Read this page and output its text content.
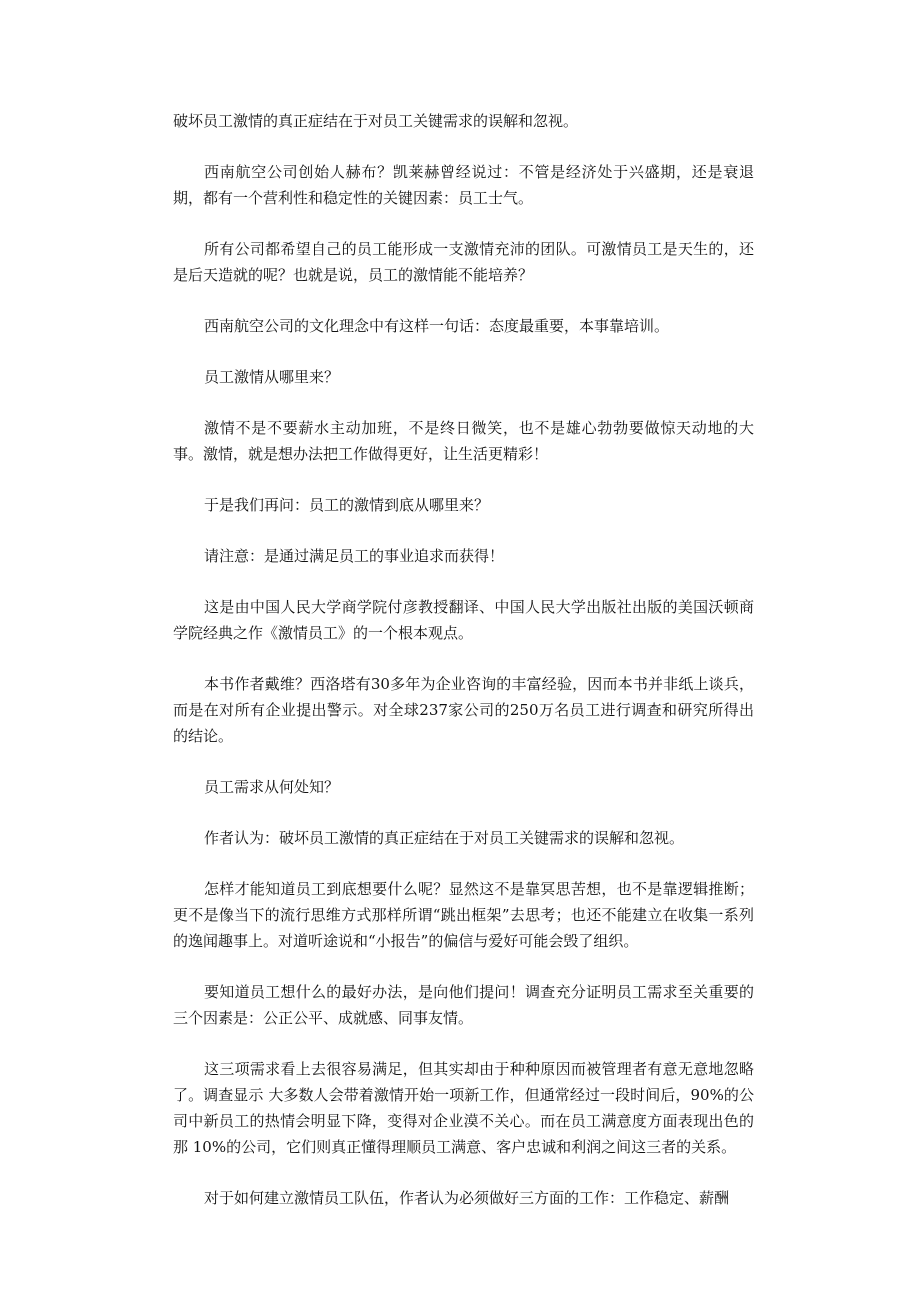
破坏员工激情的真正症结在于对员工关键需求的误解和忽视。

西南航空公司创始人赫布？凯莱赫曾经说过：不管是经济处于兴盛期，还是衰退期，都有一个营利性和稳定性的关键因素：员工士气。

所有公司都希望自己的员工能形成一支激情充沛的团队。可激情员工是天生的，还是后天造就的呢？也就是说，员工的激情能不能培养？

西南航空公司的文化理念中有这样一句话：态度最重要，本事靠培训。

员工激情从哪里来？

激情不是不要薪水主动加班，不是终日微笑，也不是雄心勃勃要做惊天动地的大事。激情，就是想办法把工作做得更好，让生活更精彩！

于是我们再问：员工的激情到底从哪里来？

请注意：是通过满足员工的事业追求而获得！

这是由中国人民大学商学院付彦教授翻译、中国人民大学出版社出版的美国沃顿商学院经典之作《激情员工》的一个根本观点。

本书作者戴维？西洛塔有30多年为企业咨询的丰富经验，因而本书并非纸上谈兵，而是在对所有企业提出警示。对全球237家公司的250万名员工进行调查和研究所得出的结论。

员工需求从何处知？

作者认为：破坏员工激情的真正症结在于对员工关键需求的误解和忽视。

怎样才能知道员工到底想要什么呢？显然这不是靠冥思苦想，也不是靠逻辑推断；更不是像当下的流行思维方式那样所谓“跳出框架”去思考；也还不能建立在收集一系列的逸闻趣事上。对道听途说和“小报告”的偏信与爱好可能会毁了组织。

要知道员工想什么的最好办法，是向他们提问！调查充分证明员工需求至关重要的三个因素是：公正公平、成就感、同事友情。

这三项需求看上去很容易满足，但其实却由于种种原因而被管理者有意无意地忽略了。调查显示 大多数人会带着激情开始一项新工作，但通常经过一段时间后，90%的公司中新员工的热情会明显下降，变得对企业漠不关心。而在员工满意度方面表现出色的那 10%的公司，它们则真正懂得理顺员工满意、客户忠诚和利润之间这三者的关系。

对于如何建立激情员工队伍，作者认为必须做好三方面的工作：工作稳定、薪酬
